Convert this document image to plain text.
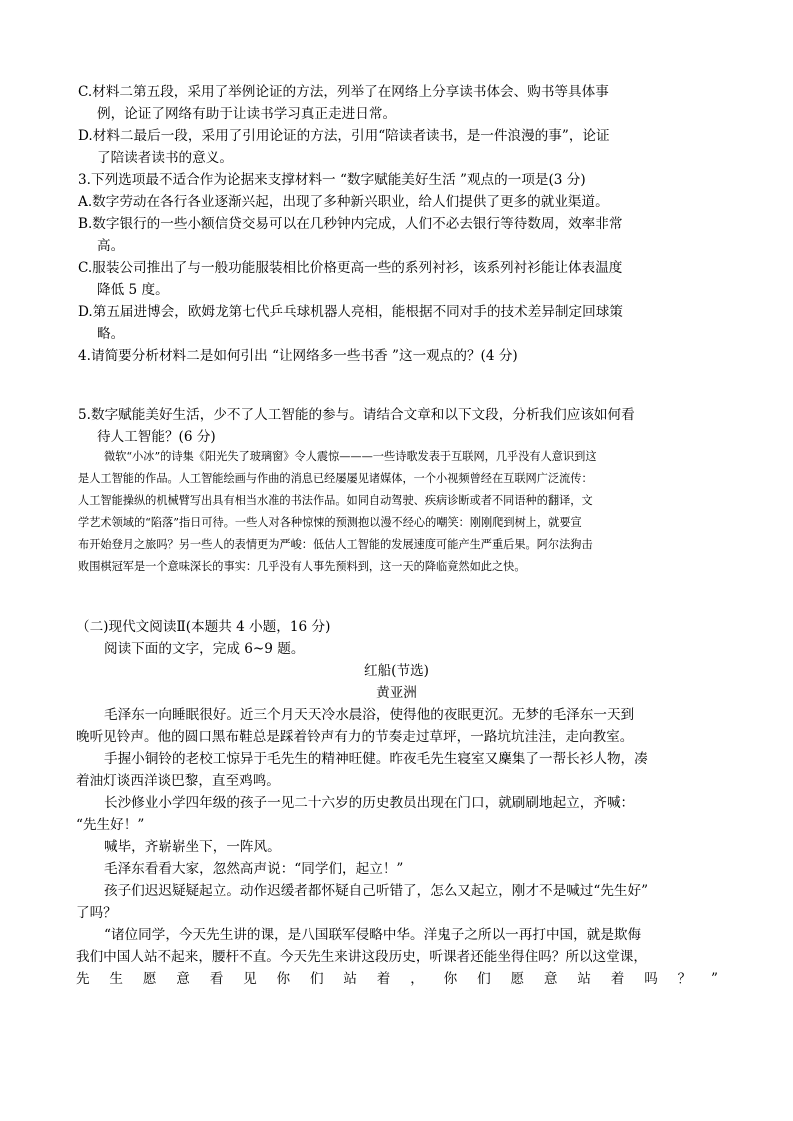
C.材料二第五段，采用了举例论证的方法，列举了在网络上分享读书体会、购书等具体事
例，论证了网络有助于让读书学习真正走进日常。
D.材料二最后一段，采用了引用论证的方法，引用“陪读者读书，是一件浪漫的事”，论证
了陪读者读书的意义。
3.下列选项最不适合作为论据来支撑材料一 “数字赋能美好生活 ”观点的一项是(3 分)
A.数字劳动在各行各业逐渐兴起，出现了多种新兴职业，给人们提供了更多的就业渠道。
B.数字银行的一些小额信贷交易可以在几秒钟内完成，人们不必去银行等待数周，效率非常
高。
C.服装公司推出了与一般功能服装相比价格更高一些的系列衬衫，该系列衬衫能让体表温度
降低 5 度。
D.第五届进博会，欧姆龙第七代乒乓球机器人亮相，能根据不同对手的技术差异制定回球策
略。
4.请简要分析材料二是如何引出 “让网络多一些书香 ”这一观点的？(4 分)
5.数字赋能美好生活，少不了人工智能的参与。请结合文章和以下文段，分析我们应该如何看
待人工智能？(6 分)
微软“小冰”的诗集《阳光失了玻璃窗》令人震惊———一些诗歌发表于互联网，几乎没有人意识到这
是人工智能的作品。人工智能绘画与作曲的消息已经屡屡见诸媒体，一个小视频曾经在互联网广泛流传：
人工智能操纵的机械臂写出具有相当水准的书法作品。如同自动驾驶、疾病诊断或者不同语种的翻译，文
学艺术领域的“陷落”指日可待。一些人对各种惊悚的预测抱以漫不经心的嘲笑：刚刚爬到树上，就要宣
布开始登月之旅吗？另一些人的表情更为严峻：低估人工智能的发展速度可能产生严重后果。阿尔法狗击
败围棋冠军是一个意味深长的事实：几乎没有人事先预料到，这一天的降临竟然如此之快。
（二)现代文阅读Ⅱ(本题共 4 小题，16 分)
阅读下面的文字，完成 6~9 题。
红船(节选)
黄亚洲
毛泽东一向睡眠很好。近三个月天天冷水晨浴，使得他的夜眠更沉。无梦的毛泽东一天到
晚听见铃声。他的圆口黑布鞋总是踩着铃声有力的节奏走过草坪，一路坑坑洼洼，走向教室。
手握小铜铃的老校工惊异于毛先生的精神旺健。昨夜毛先生寝室又麇集了一帮长衫人物，凑
着油灯谈西洋谈巴黎，直至鸡鸣。
长沙修业小学四年级的孩子一见二十六岁的历史教员出现在门口，就刷刷地起立，齐喊：
“先生好！”
喊毕，齐崭崭坐下，一阵风。
毛泽东看看大家，忽然高声说：“同学们，起立！”
孩子们迟迟疑疑起立。动作迟缓者都怀疑自己听错了，怎么又起立，刚才不是喊过“先生好”
了吗？
“诸位同学，今天先生讲的课，是八国联军侵略中华。洋鬼子之所以一再打中国，就是欺侮
我们中国人站不起来，腰杆不直。今天先生来讲这段历史，听课者还能坐得住吗？所以这堂课，
先生愿意看见你们站着，你们愿意站着吗？”
